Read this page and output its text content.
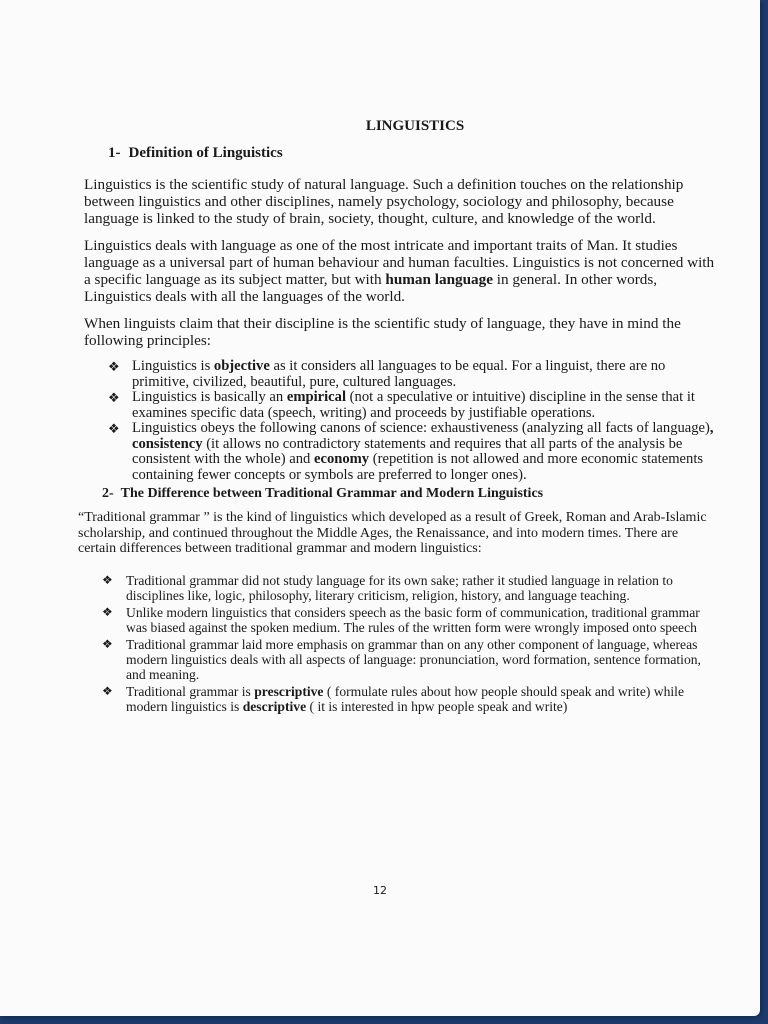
LINGUISTICS
1- Definition of Linguistics

Linguistics is the scientific study of natural language. Such a definition touches on the relationship between linguistics and other disciplines, namely psychology, sociology and philosophy, because language is linked to the study of brain, society, thought, culture, and knowledge of the world.

Linguistics deals with language as one of the most intricate and important traits of Man. It studies language as a universal part of human behaviour and human faculties. Linguistics is not concerned with a specific language as its subject matter, but with human language in general. In other words, Linguistics deals with all the languages of the world.

When linguists claim that their discipline is the scientific study of language, they have in mind the following principles:

❖ Linguistics is objective as it considers all languages to be equal. For a linguist, there are no primitive, civilized, beautiful, pure, cultured languages.
❖ Linguistics is basically an empirical (not a speculative or intuitive) discipline in the sense that it examines specific data (speech, writing) and proceeds by justifiable operations.
❖ Linguistics obeys the following canons of science: exhaustiveness (analyzing all facts of language), consistency (it allows no contradictory statements and requires that all parts of the analysis be consistent with the whole) and economy (repetition is not allowed and more economic statements containing fewer concepts or symbols are preferred to longer ones).
2- The Difference between Traditional Grammar and Modern Linguistics

“Traditional grammar ” is the kind of linguistics which developed as a result of Greek, Roman and Arab-Islamic scholarship, and continued throughout the Middle Ages, the Renaissance, and into modern times. There are certain differences between traditional grammar and modern linguistics:

❖ Traditional grammar did not study language for its own sake; rather it studied language in relation to disciplines like, logic, philosophy, literary criticism, religion, history, and language teaching.
❖ Unlike modern linguistics that considers speech as the basic form of communication, traditional grammar was biased against the spoken medium. The rules of the written form were wrongly imposed onto speech
❖ Traditional grammar laid more emphasis on grammar than on any other component of language, whereas modern linguistics deals with all aspects of language: pronunciation, word formation, sentence formation, and meaning.
❖ Traditional grammar is prescriptive ( formulate rules about how people should speak and write) while modern linguistics is descriptive ( it is interested in hpw people speak and write)
12
